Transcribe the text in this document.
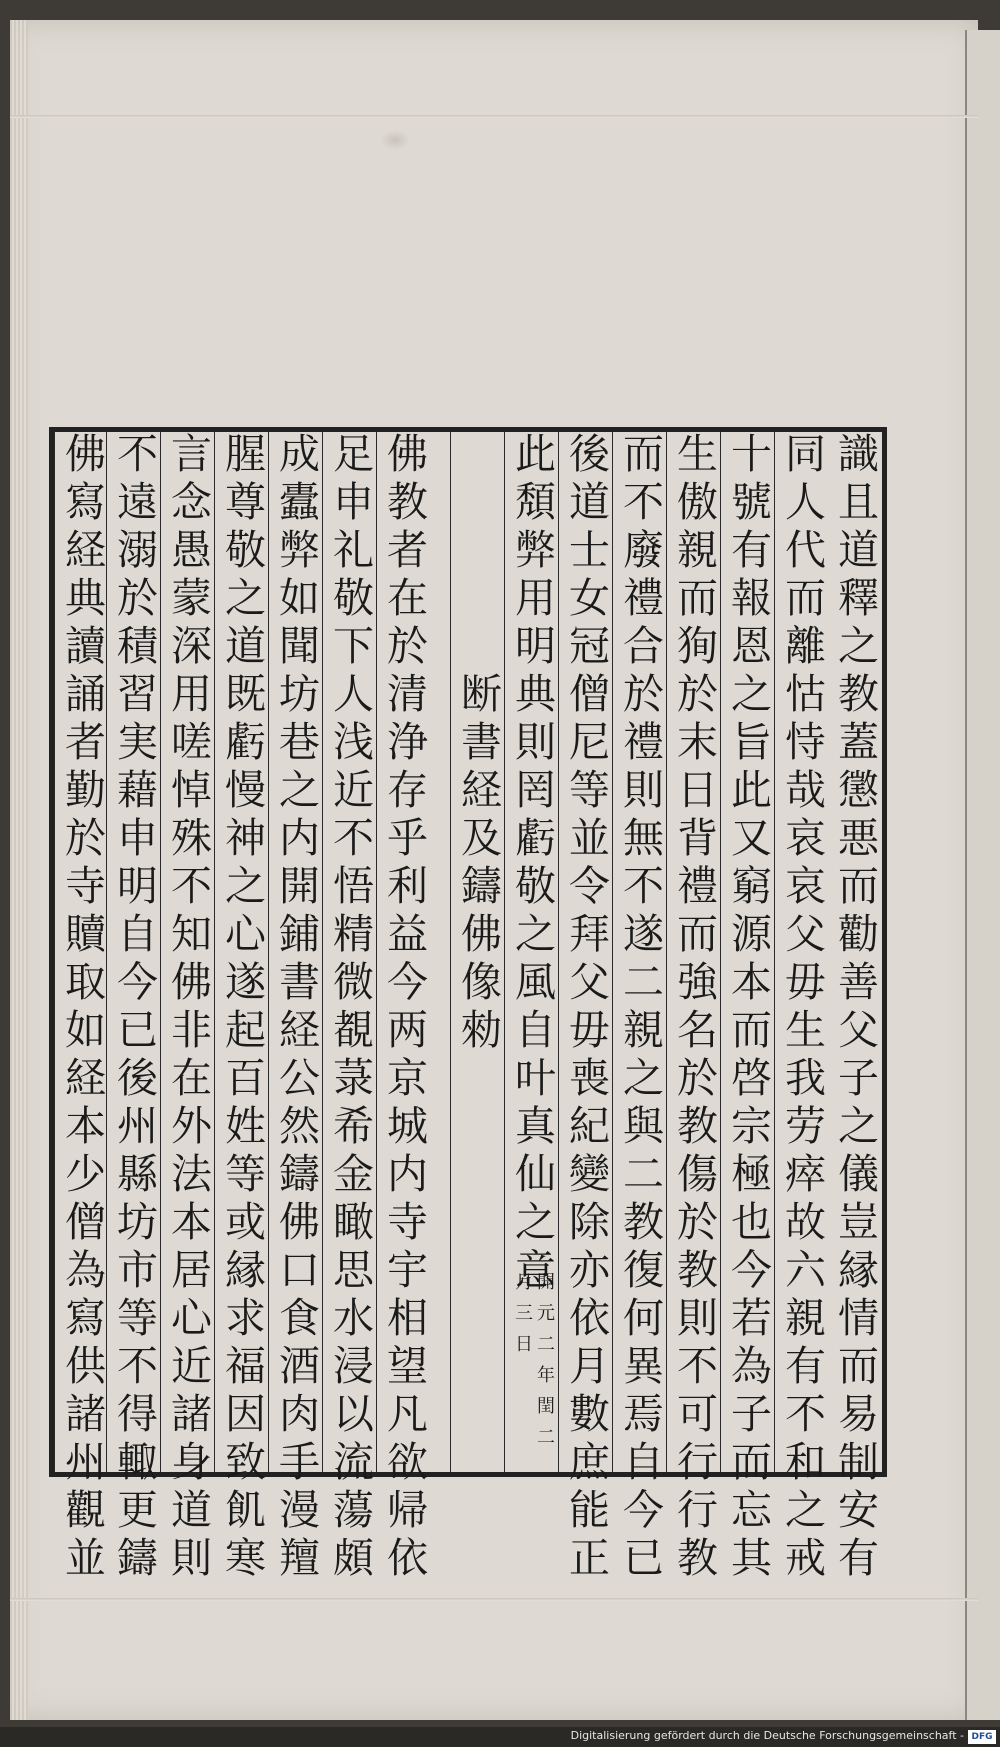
識且道釋之教蓋懲悪而勸善父子之儀豈縁情而易制安有
同人代而離怙恃哉哀哀父毋生我劳瘁故六親有不和之戒
十號有報恩之旨此又窮源本而啓宗極也今若為子而忘其
生傲親而狥於末日背禮而強名於教傷於教則不可行行教
而不廢禮合於禮則無不遂二親之與二教復何異焉自今已
後道士女冠僧尼等並令拜父毋喪紀變除亦依月數庶能正
此頽弊用明典則罔虧敬之風自叶真仙之意
開元二年閏二月三日
断書経及鑄佛像勑
佛教者在於清浄存乎利益今两京城内寺宇相望凡欲帰依
足申礼敬下人浅近不悟精微覩菉希金瞰思水浸以流蕩頗
成蠹弊如聞坊巷之内開鋪書経公然鑄佛口食酒肉手漫羶
腥尊敬之道既虧慢神之心遂起百姓等或縁求福因致飢寒
言念愚蒙深用嗟悼殊不知佛非在外法本居心近諸身道則
不遠溺於積習実藉申明自今已後州縣坊市等不得輙更鑄
佛寫経典讀誦者勤於寺贖取如経本少僧為寫供諸州觀並
Digitalisierung gefördert durch die Deutsche Forschungsgemeinschaft - DFG
